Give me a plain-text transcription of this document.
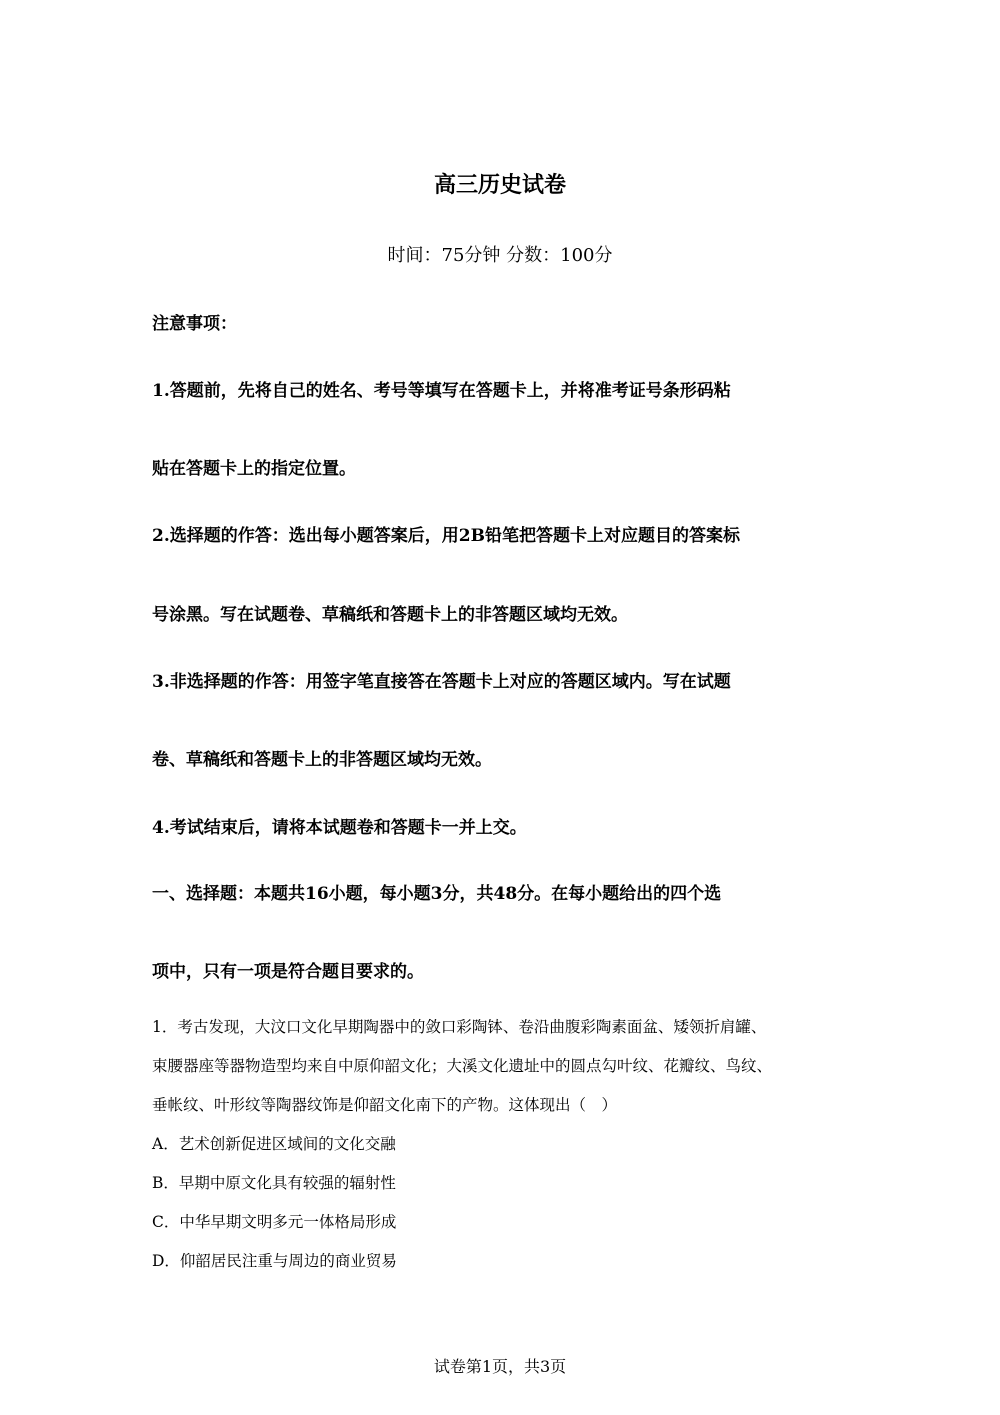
高三历史试卷
时间：75分钟 分数：100分
注意事项：
1.答题前，先将自己的姓名、考号等填写在答题卡上，并将准考证号条形码粘
贴在答题卡上的指定位置。
2.选择题的作答：选出每小题答案后，用2B铅笔把答题卡上对应题目的答案标
号涂黑。写在试题卷、草稿纸和答题卡上的非答题区域均无效。
3.非选择题的作答：用签字笔直接答在答题卡上对应的答题区域内。写在试题
卷、草稿纸和答题卡上的非答题区域均无效。
4.考试结束后，请将本试题卷和答题卡一并上交。
一、选择题：本题共16小题，每小题3分，共48分。在每小题给出的四个选
项中，只有一项是符合题目要求的。
1．考古发现，大汶口文化早期陶器中的敛口彩陶钵、卷沿曲腹彩陶素面盆、矮领折肩罐、
束腰器座等器物造型均来自中原仰韶文化；大溪文化遗址中的圆点勾叶纹、花瓣纹、鸟纹、
垂帐纹、叶形纹等陶器纹饰是仰韶文化南下的产物。这体现出（　）
A．艺术创新促进区域间的文化交融
B．早期中原文化具有较强的辐射性
C．中华早期文明多元一体格局形成
D．仰韶居民注重与周边的商业贸易
试卷第1页，共3页
